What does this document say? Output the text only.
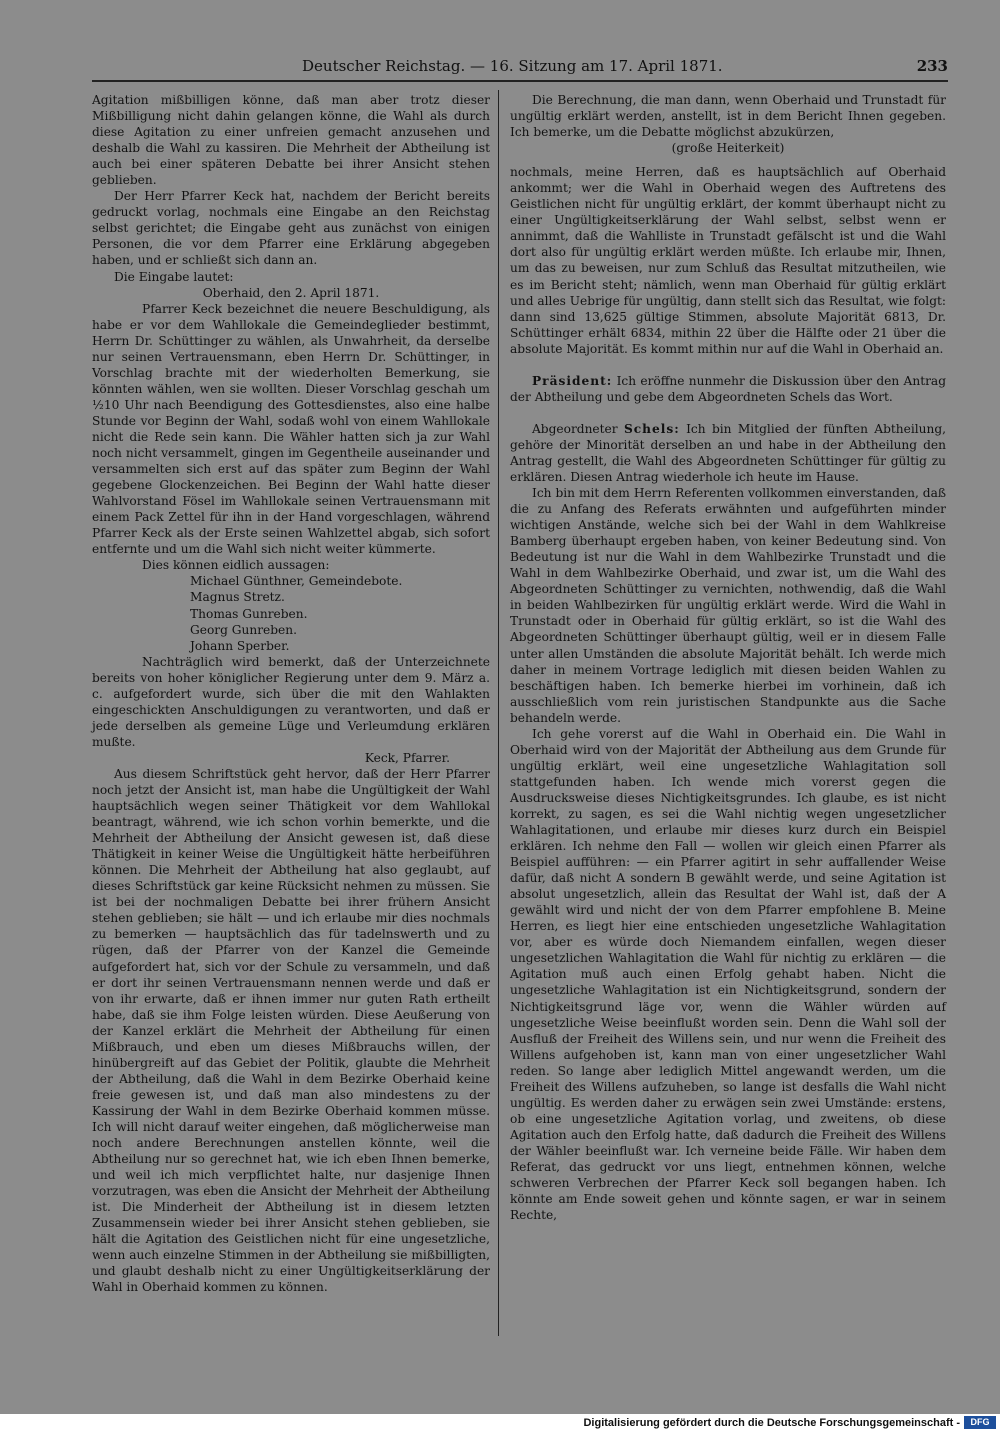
Deutscher Reichstag. — 16. Sitzung am 17. April 1871.	233

Agitation mißbilligen könne, daß man aber trotz dieser Mißbilligung nicht dahin gelangen könne, die Wahl als durch diese Agitation zu einer unfreien gemacht anzusehen und deshalb die Wahl zu kassiren. Die Mehrheit der Abtheilung ist auch bei einer späteren Debatte bei ihrer Ansicht stehen geblieben.

Der Herr Pfarrer Keck hat, nachdem der Bericht bereits gedruckt vorlag, nochmals eine Eingabe an den Reichstag selbst gerichtet; die Eingabe geht aus zunächst von einigen Personen, die vor dem Pfarrer eine Erklärung abgegeben haben, und er schließt sich dann an.

Die Eingabe lautet:

Oberhaid, den 2. April 1871.

Pfarrer Keck bezeichnet die neuere Beschuldigung, als habe er vor dem Wahllokale die Gemeindeglieder bestimmt, Herrn Dr. Schüttinger zu wählen, als Unwahrheit, da derselbe nur seinen Vertrauensmann, eben Herrn Dr. Schüttinger, in Vorschlag brachte mit der wiederholten Bemerkung, sie könnten wählen, wen sie wollten. Dieser Vorschlag geschah um ½10 Uhr nach Beendigung des Gottesdienstes, also eine halbe Stunde vor Beginn der Wahl, sodaß wohl von einem Wahllokale nicht die Rede sein kann. Die Wähler hatten sich ja zur Wahl noch nicht versammelt, gingen im Gegentheile auseinander und versammelten sich erst auf das später zum Beginn der Wahl gegebene Glockenzeichen. Bei Beginn der Wahl hatte dieser Wahlvorstand Fösel im Wahllokale seinen Vertrauensmann mit einem Pack Zettel für ihn in der Hand vorgeschlagen, während Pfarrer Keck als der Erste seinen Wahlzettel abgab, sich sofort entfernte und um die Wahl sich nicht weiter kümmerte.

Dies können eidlich aussagen:

Michael Günthner, Gemeindebote.

Magnus Stretz.

Thomas Gunreben.

Georg Gunreben.

Johann Sperber.

Nachträglich wird bemerkt, daß der Unterzeichnete bereits von hoher königlicher Regierung unter dem 9. März a. c. aufgefordert wurde, sich über die mit den Wahlakten eingeschickten Anschuldigungen zu verantworten, und daß er jede derselben als gemeine Lüge und Verleumdung erklären mußte.

Keck, Pfarrer.

Aus diesem Schriftstück geht hervor, daß der Herr Pfarrer noch jetzt der Ansicht ist, man habe die Ungültigkeit der Wahl hauptsächlich wegen seiner Thätigkeit vor dem Wahllokal beantragt, während, wie ich schon vorhin bemerkte, und die Mehrheit der Abtheilung der Ansicht gewesen ist, daß diese Thätigkeit in keiner Weise die Ungültigkeit hätte herbeiführen können. Die Mehrheit der Abtheilung hat also geglaubt, auf dieses Schriftstück gar keine Rücksicht nehmen zu müssen. Sie ist bei der nochmaligen Debatte bei ihrer frühern Ansicht stehen geblieben; sie hält — und ich erlaube mir dies nochmals zu bemerken — hauptsächlich das für tadelnswerth und zu rügen, daß der Pfarrer von der Kanzel die Gemeinde aufgefordert hat, sich vor der Schule zu versammeln, und daß er dort ihr seinen Vertrauensmann nennen werde und daß er von ihr erwarte, daß er ihnen immer nur guten Rath ertheilt habe, daß sie ihm Folge leisten würden. Diese Aeußerung von der Kanzel erklärt die Mehrheit der Abtheilung für einen Mißbrauch, und eben um dieses Mißbrauchs willen, der hinübergreift auf das Gebiet der Politik, glaubte die Mehrheit der Abtheilung, daß die Wahl in dem Bezirke Oberhaid keine freie gewesen ist, und daß man also mindestens zu der Kassirung der Wahl in dem Bezirke Oberhaid kommen müsse. Ich will nicht darauf weiter eingehen, daß möglicherweise man noch andere Berechnungen anstellen könnte, weil die Abtheilung nur so gerechnet hat, wie ich eben Ihnen bemerke, und weil ich mich verpflichtet halte, nur dasjenige Ihnen vorzutragen, was eben die Ansicht der Mehrheit der Abtheilung ist. Die Minderheit der Abtheilung ist in diesem letzten Zusammensein wieder bei ihrer Ansicht stehen geblieben, sie hält die Agitation des Geistlichen nicht für eine ungesetzliche, wenn auch einzelne Stimmen in der Abtheilung sie mißbilligten, und glaubt deshalb nicht zu einer Ungültigkeitserklärung der Wahl in Oberhaid kommen zu können.

Die Berechnung, die man dann, wenn Oberhaid und Trunstadt für ungültig erklärt werden, anstellt, ist in dem Bericht Ihnen gegeben. Ich bemerke, um die Debatte möglichst abzukürzen,

(große Heiterkeit)

nochmals, meine Herren, daß es hauptsächlich auf Oberhaid ankommt; wer die Wahl in Oberhaid wegen des Auftretens des Geistlichen nicht für ungültig erklärt, der kommt überhaupt nicht zu einer Ungültigkeitserklärung der Wahl selbst, selbst wenn er annimmt, daß die Wahlliste in Trunstadt gefälscht ist und die Wahl dort also für ungültig erklärt werden müßte. Ich erlaube mir, Ihnen, um das zu beweisen, nur zum Schluß das Resultat mitzutheilen, wie es im Bericht steht; nämlich, wenn man Oberhaid für gültig erklärt und alles Uebrige für ungültig, dann stellt sich das Resultat, wie folgt: dann sind 13,625 gültige Stimmen, absolute Majorität 6813, Dr. Schüttinger erhält 6834, mithin 22 über die Hälfte oder 21 über die absolute Majorität. Es kommt mithin nur auf die Wahl in Oberhaid an.

Präsident: Ich eröffne nunmehr die Diskussion über den Antrag der Abtheilung und gebe dem Abgeordneten Schels das Wort.

Abgeordneter Schels: Ich bin Mitglied der fünften Abtheilung, gehöre der Minorität derselben an und habe in der Abtheilung den Antrag gestellt, die Wahl des Abgeordneten Schüttinger für gültig zu erklären. Diesen Antrag wiederhole ich heute im Hause.

Ich bin mit dem Herrn Referenten vollkommen einverstanden, daß die zu Anfang des Referats erwähnten und aufgeführten minder wichtigen Anstände, welche sich bei der Wahl in dem Wahlkreise Bamberg überhaupt ergeben haben, von keiner Bedeutung sind. Von Bedeutung ist nur die Wahl in dem Wahlbezirke Trunstadt und die Wahl in dem Wahlbezirke Oberhaid, und zwar ist, um die Wahl des Abgeordneten Schüttinger zu vernichten, nothwendig, daß die Wahl in beiden Wahlbezirken für ungültig erklärt werde. Wird die Wahl in Trunstadt oder in Oberhaid für gültig erklärt, so ist die Wahl des Abgeordneten Schüttinger überhaupt gültig, weil er in diesem Falle unter allen Umständen die absolute Majorität behält. Ich werde mich daher in meinem Vortrage lediglich mit diesen beiden Wahlen zu beschäftigen haben. Ich bemerke hierbei im vorhinein, daß ich ausschließlich vom rein juristischen Standpunkte aus die Sache behandeln werde.

Ich gehe vorerst auf die Wahl in Oberhaid ein. Die Wahl in Oberhaid wird von der Majorität der Abtheilung aus dem Grunde für ungültig erklärt, weil eine ungesetzliche Wahlagitation soll stattgefunden haben. Ich wende mich vorerst gegen die Ausdrucksweise dieses Nichtigkeitsgrundes. Ich glaube, es ist nicht korrekt, zu sagen, es sei die Wahl nichtig wegen ungesetzlicher Wahlagitationen, und erlaube mir dieses kurz durch ein Beispiel erklären. Ich nehme den Fall — wollen wir gleich einen Pfarrer als Beispiel aufführen: — ein Pfarrer agitirt in sehr auffallender Weise dafür, daß nicht A sondern B gewählt werde, und seine Agitation ist absolut ungesetzlich, allein das Resultat der Wahl ist, daß der A gewählt wird und nicht der von dem Pfarrer empfohlene B. Meine Herren, es liegt hier eine entschieden ungesetzliche Wahlagitation vor, aber es würde doch Niemandem einfallen, wegen dieser ungesetzlichen Wahlagitation die Wahl für nichtig zu erklären — die Agitation muß auch einen Erfolg gehabt haben. Nicht die ungesetzliche Wahlagitation ist ein Nichtigkeitsgrund, sondern der Nichtigkeitsgrund läge vor, wenn die Wähler würden auf ungesetzliche Weise beeinflußt worden sein. Denn die Wahl soll der Ausfluß der Freiheit des Willens sein, und nur wenn die Freiheit des Willens aufgehoben ist, kann man von einer ungesetzlicher Wahl reden. So lange aber lediglich Mittel angewandt werden, um die Freiheit des Willens aufzuheben, so lange ist desfalls die Wahl nicht ungültig. Es werden daher zu erwägen sein zwei Umstände: erstens, ob eine ungesetzliche Agitation vorlag, und zweitens, ob diese Agitation auch den Erfolg hatte, daß dadurch die Freiheit des Willens der Wähler beeinflußt war. Ich verneine beide Fälle. Wir haben dem Referat, das gedruckt vor uns liegt, entnehmen können, welche schweren Verbrechen der Pfarrer Keck soll begangen haben. Ich könnte am Ende soweit gehen und könnte sagen, er war in seinem Rechte,

Digitalisierung gefördert durch die Deutsche Forschungsgemeinschaft -	DFG
